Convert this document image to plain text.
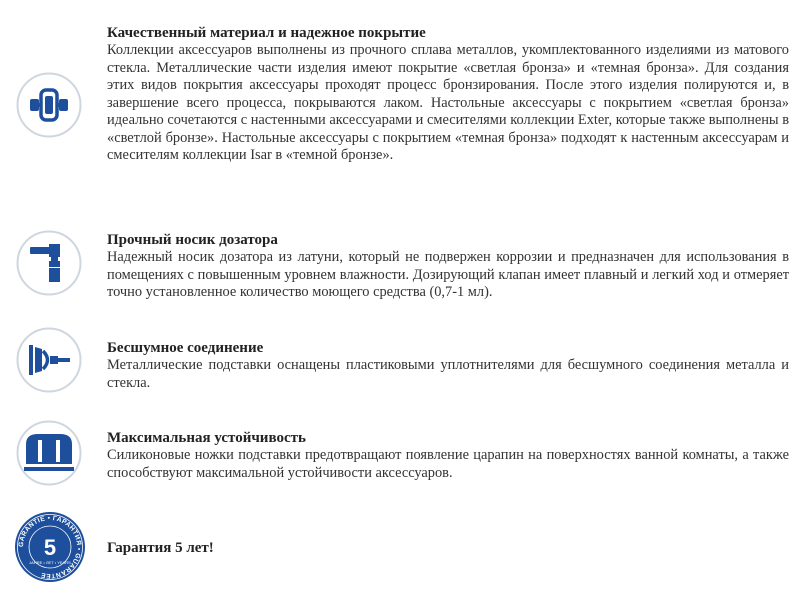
Качественный материал и надежное покрытие

Коллекции аксессуаров выполнены из прочного сплава металлов, укомплектованного изделиями из матового стекла. Металлические части изделия имеют покрытие «светлая бронза» и «темная бронза». Для создания этих видов покрытия аксессуары проходят процесс бронзирования. После этого изделия полируются и, в завершение всего процесса, покрываются лаком. Настольные аксессуары с покрытием «светлая бронза» идеально сочетаются с настенными аксессуарами и смесителями коллекции Exter, которые также выполнены в «светлой бронзе». Настольные аксессуары с покрытием «темная бронза» подходят к настенным аксессуарам и смесителям коллекции Isar в «темной бронзе».

Прочный носик дозатора

Надежный носик дозатора из латуни, который не подвержен коррозии и предназначен для использования в помещениях с повышенным уровнем влажности. Дозирующий клапан имеет плавный и легкий ход и отмеряет точно установленное количество моющего средства (0,7-1 мл).

Бесшумное соединение

Металлические подставки оснащены пластиковыми уплотнителями для бесшумного соединения металла и стекла.

Максимальная устойчивость

Силиконовые ножки подставки предотвращают появление царапин на поверхностях ванной комнаты, а также способствуют максимальной устойчивости аксессуаров.

GARANTIE • ГАРАНТИЯ • GUARANTEE
5
JAHRE • ЛЕТ • YEARS

Гарантия 5 лет!
